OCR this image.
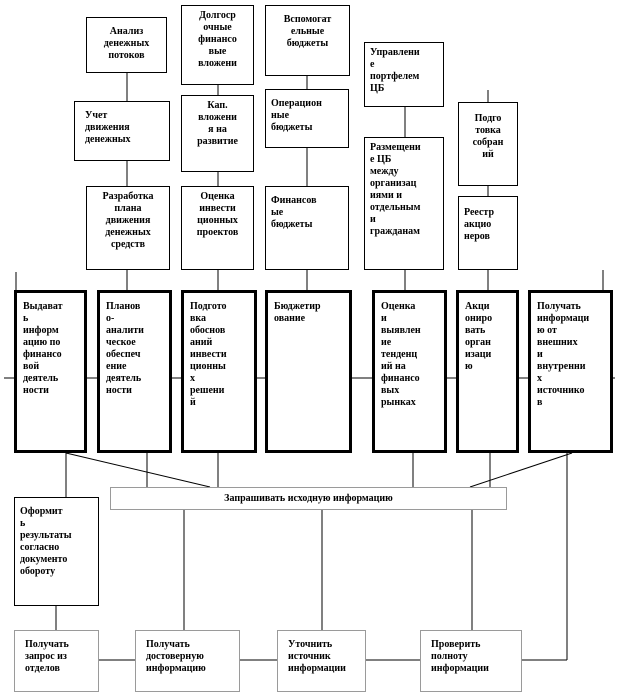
Анализ
денежных
потоков
Долгоср
очные
финансо
вые
вложени
Вспомогат
ельные
бюджеты
Управлени
е
портфелем
ЦБ
Учет
движения
денежных
Кап.
вложени
я на
развитие
Операцион
ные
бюджеты
Размещени
е ЦБ
между
организац
иями и
отдельным
и
гражданам
Подго
товка
собран
ий
Разработка
плана
движения
денежных
средств
Оценка
инвести
ционных
проектов
Финансов
ые
бюджеты
Реестр
акцио
неров
Выдават
ь
информ
ацию по
финансо
вой
деятель
ности
Планов
о-
аналити
ческое
обеспеч
ение
деятель
ности
Подгото
вка
обоснов
аний
инвести
ционны
х
решени
й
Бюджетир
ование
Оценка
и
выявлен
ие
тенденц
ий на
финансо
вых
рынках
Акци
ониро
вать
орган
изаци
ю
Получать
информаци
ю от
внешних
и
внутренни
х
источнико
в
Запрашивать исходную информацию
Оформит
ь
результаты
согласно
документо
обороту
Получать
запрос из
отделов
Получать
достоверную
информацию
Уточнить
источник
информации
Проверить
полноту
информации
